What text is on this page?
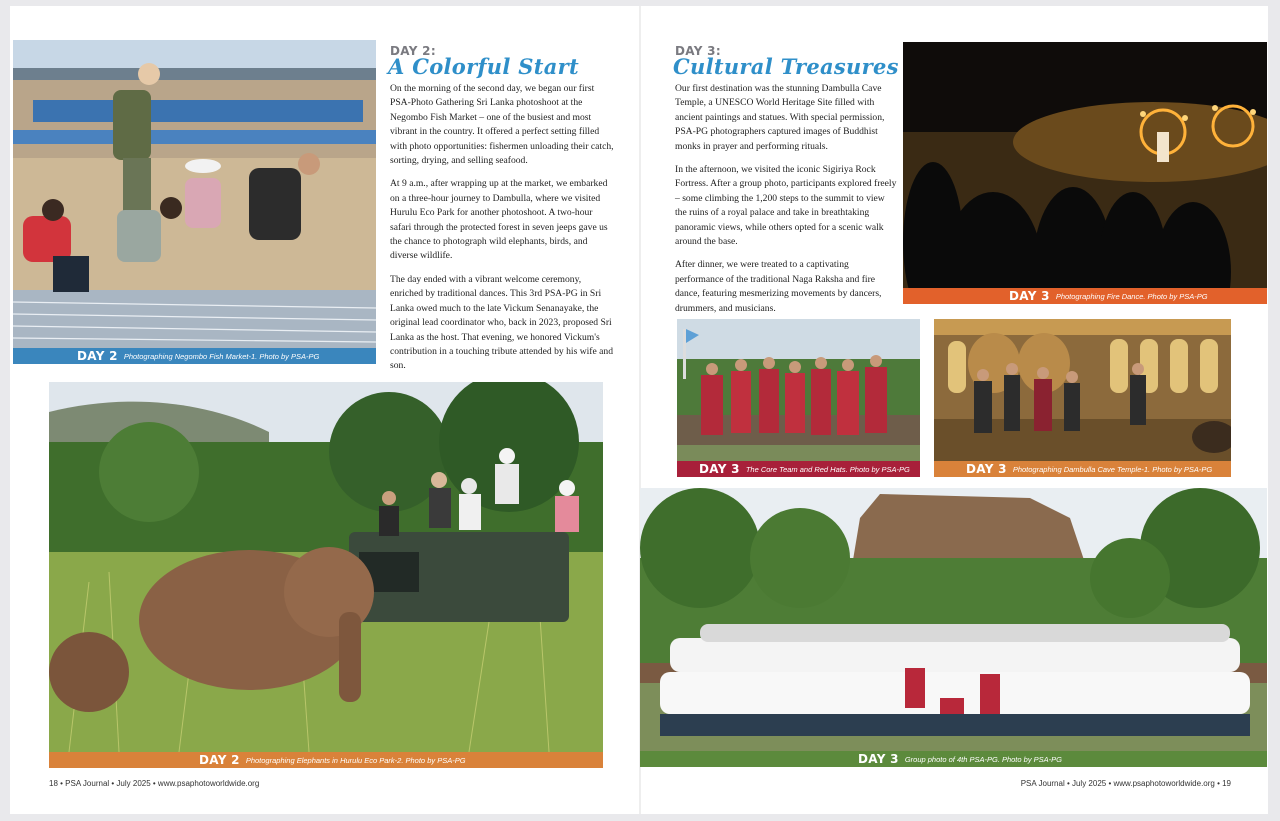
DAY 2 Photographing Negombo Fish Market-1. Photo by PSA-PG
DAY 2:
A Colorful Start

On the morning of the second day, we began our first PSA-Photo Gathering Sri Lanka photoshoot at the Negombo Fish Market – one of the busiest and most vibrant in the country. It offered a perfect setting filled with photo opportunities: fishermen unloading their catch, sorting, drying, and selling seafood.

At 9 a.m., after wrapping up at the market, we embarked on a three-hour journey to Dambulla, where we visited Hurulu Eco Park for another photoshoot. A two-hour safari through the protected forest in seven jeeps gave us the chance to photograph wild elephants, birds, and diverse wildlife.

The day ended with a vibrant welcome ceremony, enriched by traditional dances. This 3rd PSA-PG in Sri Lanka owed much to the late Vickum Senanayake, the original lead coordinator who, back in 2023, proposed Sri Lanka as the host. That evening, we honored Vickum's contribution in a touching tribute attended by his wife and son.

DAY 2 Photographing Elephants in Hurulu Eco Park-2. Photo by PSA-PG
18 • PSA Journal • July 2025 • www.psaphotoworldwide.org
DAY 3:
Cultural Treasures

Our first destination was the stunning Dambulla Cave Temple, a UNESCO World Heritage Site filled with ancient paintings and statues. With special permission, PSA-PG photographers captured images of Buddhist monks in prayer and performing rituals.

In the afternoon, we visited the iconic Sigiriya Rock Fortress. After a group photo, participants explored freely – some climbing the 1,200 steps to the summit to view the ruins of a royal palace and take in breathtaking panoramic views, while others opted for a scenic walk around the base.

After dinner, we were treated to a captivating performance of the traditional Naga Raksha and fire dance, featuring mesmerizing movements by dancers, drummers, and musicians.

DAY 3 Photographing Fire Dance. Photo by PSA-PG
DAY 3 The Core Team and Red Hats. Photo by PSA-PG	DAY 3 Photographing Dambulla Cave Temple-1. Photo by PSA-PG
DAY 3 Group photo of 4th PSA-PG. Photo by PSA-PG
PSA Journal • July 2025 • www.psaphotoworldwide.org • 19
